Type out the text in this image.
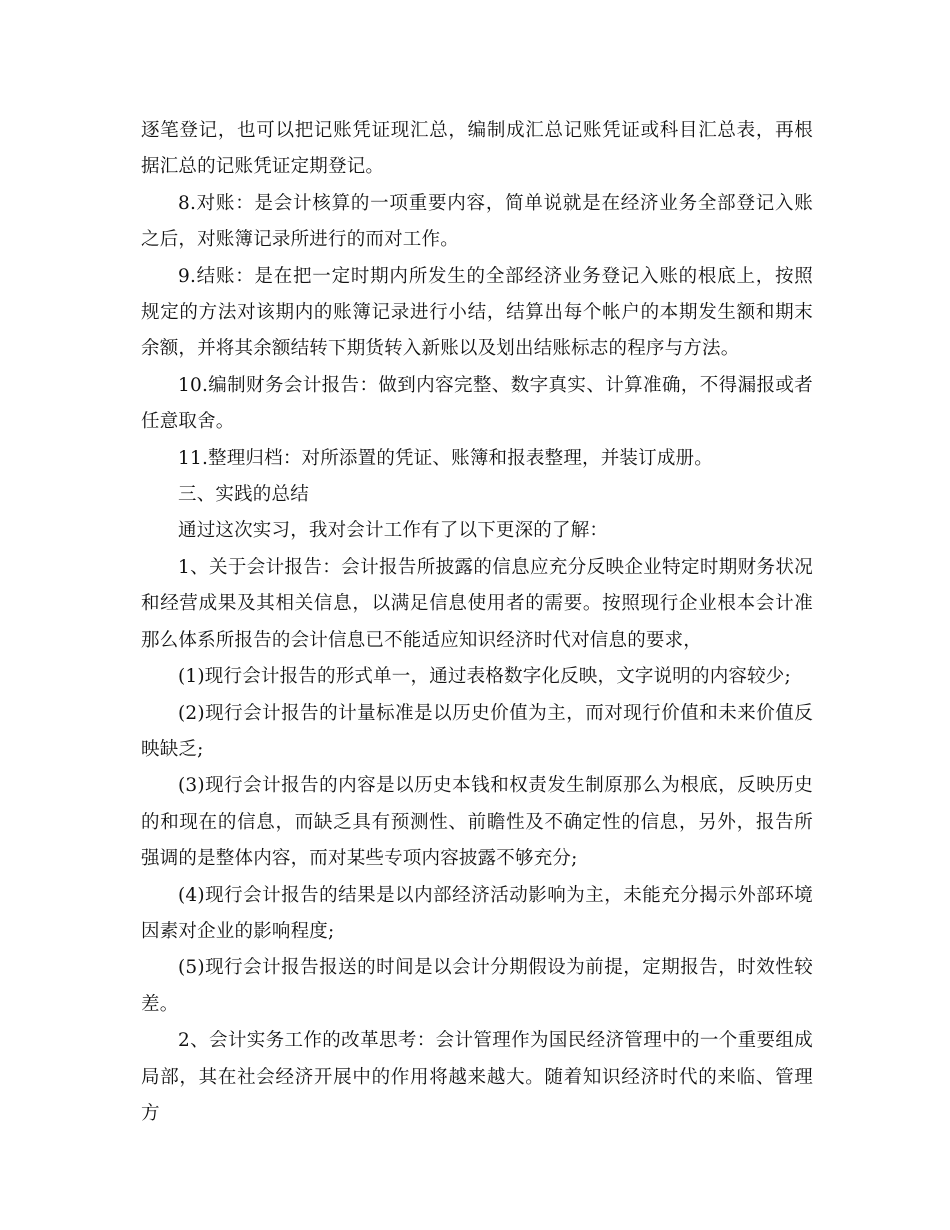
逐笔登记，也可以把记账凭证现汇总，编制成汇总记账凭证或科目汇总表，再根据汇总的记账凭证定期登记。

8.对账：是会计核算的一项重要内容，简单说就是在经济业务全部登记入账之后，对账簿记录所进行的而对工作。

9.结账：是在把一定时期内所发生的全部经济业务登记入账的根底上，按照规定的方法对该期内的账簿记录进行小结，结算出每个帐户的本期发生额和期末余额，并将其余额结转下期货转入新账以及划出结账标志的程序与方法。

10.编制财务会计报告：做到内容完整、数字真实、计算准确，不得漏报或者任意取舍。

11.整理归档：对所添置的凭证、账簿和报表整理，并装订成册。

三、实践的总结

通过这次实习，我对会计工作有了以下更深的了解：

1、关于会计报告：会计报告所披露的信息应充分反映企业特定时期财务状况和经营成果及其相关信息，以满足信息使用者的需要。按照现行企业根本会计准那么体系所报告的会计信息已不能适应知识经济时代对信息的要求，

(1)现行会计报告的形式单一，通过表格数字化反映，文字说明的内容较少;

(2)现行会计报告的计量标准是以历史价值为主，而对现行价值和未来价值反映缺乏;

(3)现行会计报告的内容是以历史本钱和权责发生制原那么为根底，反映历史的和现在的信息，而缺乏具有预测性、前瞻性及不确定性的信息，另外，报告所强调的是整体内容，而对某些专项内容披露不够充分;

(4)现行会计报告的结果是以内部经济活动影响为主，未能充分揭示外部环境因素对企业的影响程度;

(5)现行会计报告报送的时间是以会计分期假设为前提，定期报告，时效性较差。

2、会计实务工作的改革思考：会计管理作为国民经济管理中的一个重要组成局部，其在社会经济开展中的作用将越来越大。随着知识经济时代的来临、管理方
